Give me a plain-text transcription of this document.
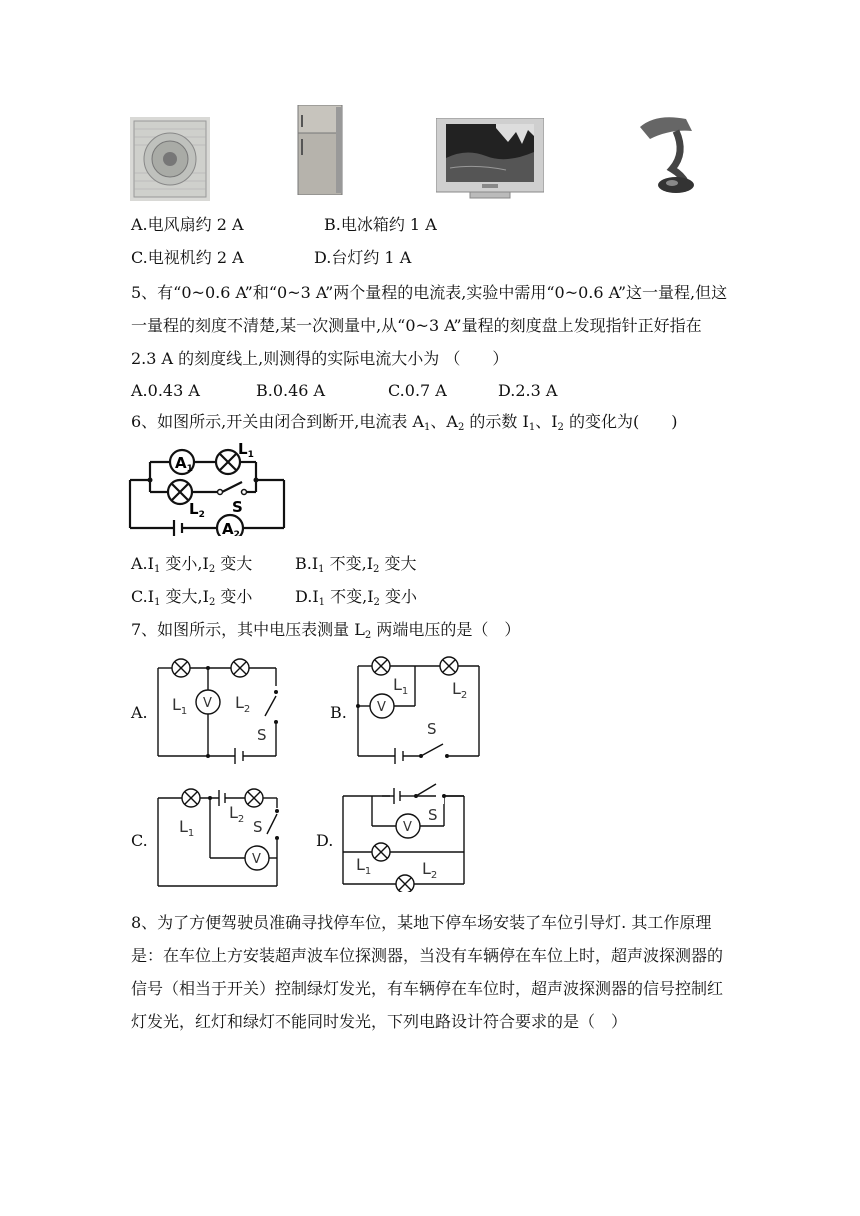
A.电风扇约 2 A	B.电冰箱约 1 A
C.电视机约 2 A	D.台灯约 1 A
5、有“0~0.6 A”和“0~3 A”两个量程的电流表,实验中需用“0~0.6 A”这一量程,但这一量程的刻度不清楚,某一次测量中,从“0~3 A”量程的刻度盘上发现指针正好指在 2.3 A 的刻度线上,则测得的实际电流大小为 （　　）
A.0.43 A	B.0.46 A	C.0.7 A	D.2.3 A
6、如图所示,开关由闭合到断开,电流表 $A_1$、$A_2$ 的示数 $I_1$、$I_2$ 的变化为(　　)
$A_1$
$L_1$
$L_2$ S
$A_2$
$A.I_1$ 变小$,I_2$ 变大	$B.I_1$ 不变$,I_2$ 变大
$C.I_1$ 变大$,I_2$ 变小	$D.I_1$ 不变$,I_2$ 变小
7、如图所示，其中电压表测量 $L_2$ 两端电压的是（　）
A. $L_1$	$L_2$
V
S
B.
$L_1$	$L_2$
V
S
C.
$L_1$
$L_2$
V
S
D.
V
S
$L_1$	$L_2$
8、为了方便驾驶员准确寻找停车位，某地下停车场安装了车位引导灯. 其工作原理是：在车位上方安装超声波车位探测器，当没有车辆停在车位上时，超声波探测器的信号（相当于开关）控制绿灯发光，有车辆停在车位时，超声波探测器的信号控制红灯发光，红灯和绿灯不能同时发光，下列电路设计符合要求的是（　）
